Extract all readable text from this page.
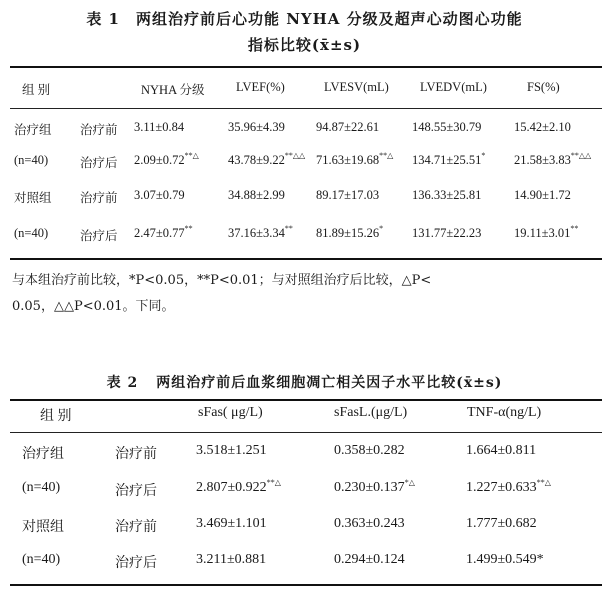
表 1 两组治疗前后心功能 NYHA 分级及超声心动图心功能
指标比较(x̄±s)
组 别	NYHA 分级	LVEF(%)	LVESV(mL) LVEDV(mL)	FS(%)
治疗组 治疗前 3.11±0.84	35.96±4.39 94.87±22.61	148.55±30.79	15.42±2.10
(n=40)	治疗后 2.09±0.72**△ 43.78±9.22**△△ 71.63±19.68**△ 134.71±25.51* 21.58±3.83**△△
对照组 治疗前 3.07±0.79	34.88±2.99 89.17±17.03	136.33±25.81	14.90±1.72
(n=40)	治疗后 2.47±0.77**	37.16±3.34** 81.89±15.26* 131.77±22.23	19.11±3.01**
与本组治疗前比较，*P<0.05，**P<0.01；与对照组治疗后比较，△P<
0.05，△△P<0.01。下同。
表 2 两组治疗前后血浆细胞凋亡相关因子水平比较(x̄±s)
组 别	sFas( μg/L)	sFasL.(μg/L)	TNF-α(ng/L)
治疗组	治疗前	3.518±1.251	0.358±0.282	1.664±0.811
(n=40)	治疗后	2.807±0.922**△	0.230±0.137*△	1.227±0.633**△
对照组	治疗前	3.469±1.101	0.363±0.243	1.777±0.682
(n=40)	治疗后	3.211±0.881	0.294±0.124	1.499±0.549*
